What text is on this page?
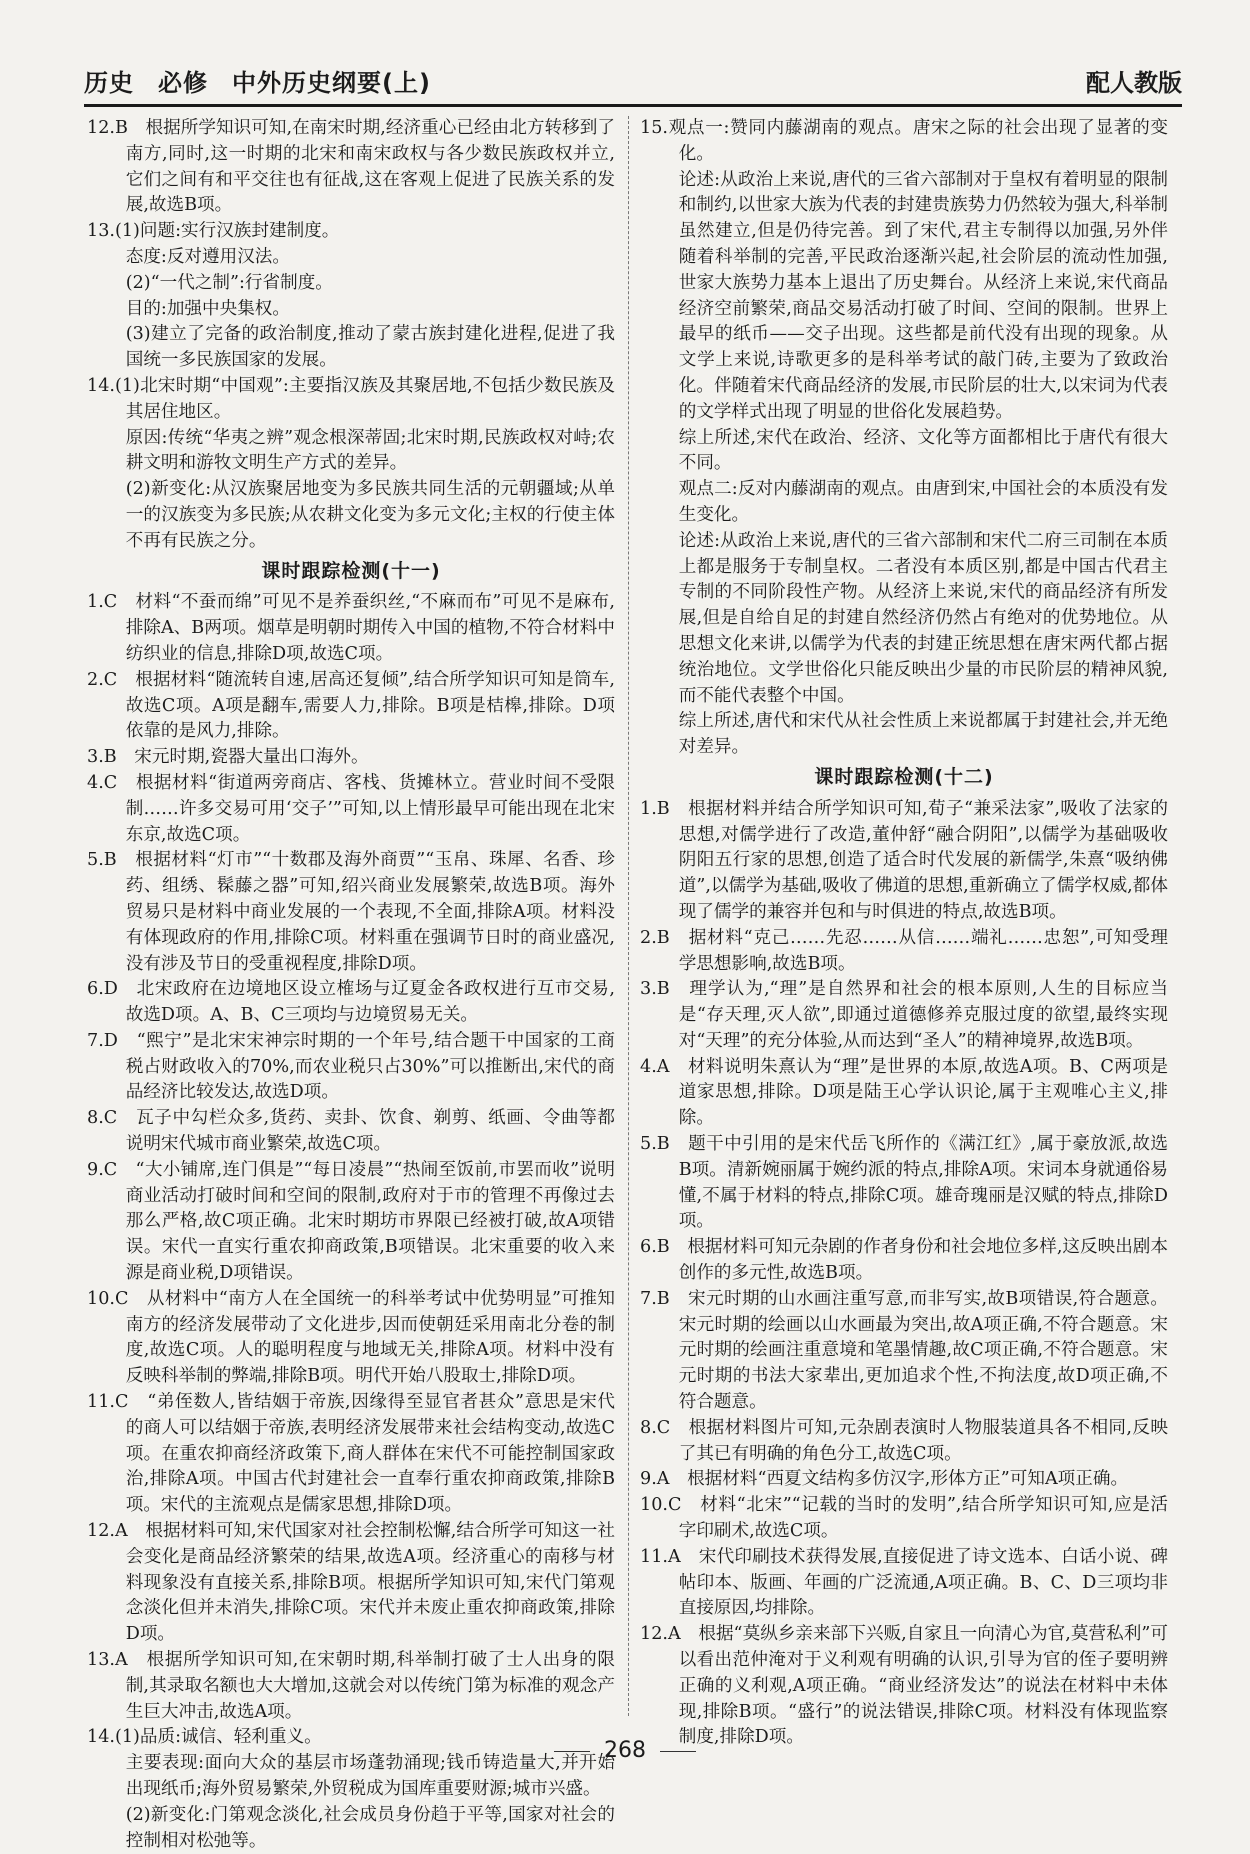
历史 必修 中外历史纲要(上)	配人教版

12.B　根据所学知识可知,在南宋时期,经济重心已经由北方转移到了南方,同时,这一时期的北宋和南宋政权与各少数民族政权并立,它们之间有和平交往也有征战,这在客观上促进了民族关系的发展,故选B项。

13.(1)问题:实行汉族封建制度。

态度:反对遵用汉法。

(2)“一代之制”:行省制度。

目的:加强中央集权。

(3)建立了完备的政治制度,推动了蒙古族封建化进程,促进了我国统一多民族国家的发展。

14.(1)北宋时期“中国观”:主要指汉族及其聚居地,不包括少数民族及其居住地区。

原因:传统“华夷之辨”观念根深蒂固;北宋时期,民族政权对峙;农耕文明和游牧文明生产方式的差异。

(2)新变化:从汉族聚居地变为多民族共同生活的元朝疆域;从单一的汉族变为多民族;从农耕文化变为多元文化;主权的行使主体不再有民族之分。

课时跟踪检测(十一)

1.C　材料“不蚕而绵”可见不是养蚕织丝,“不麻而布”可见不是麻布,排除A、B两项。烟草是明朝时期传入中国的植物,不符合材料中纺织业的信息,排除D项,故选C项。

2.C　根据材料“随流转自速,居高还复倾”,结合所学知识可知是筒车,故选C项。A项是翻车,需要人力,排除。B项是桔槔,排除。D项依靠的是风力,排除。

3.B　宋元时期,瓷器大量出口海外。

4.C　根据材料“街道两旁商店、客栈、货摊林立。营业时间不受限制……许多交易可用‘交子’”可知,以上情形最早可能出现在北宋东京,故选C项。

5.B　根据材料“灯市”“十数郡及海外商贾”“玉帛、珠犀、名香、珍药、组绣、髹藤之器”可知,绍兴商业发展繁荣,故选B项。海外贸易只是材料中商业发展的一个表现,不全面,排除A项。材料没有体现政府的作用,排除C项。材料重在强调节日时的商业盛况,没有涉及节日的受重视程度,排除D项。

6.D　北宋政府在边境地区设立榷场与辽夏金各政权进行互市交易,故选D项。A、B、C三项均与边境贸易无关。

7.D　“熙宁”是北宋宋神宗时期的一个年号,结合题干中国家的工商税占财政收入的70%,而农业税只占30%”可以推断出,宋代的商品经济比较发达,故选D项。

8.C　瓦子中勾栏众多,货药、卖卦、饮食、剃剪、纸画、令曲等都说明宋代城市商业繁荣,故选C项。

9.C　“大小铺席,连门俱是”“每日凌晨”“热闹至饭前,市罢而收”说明商业活动打破时间和空间的限制,政府对于市的管理不再像过去那么严格,故C项正确。北宋时期坊市界限已经被打破,故A项错误。宋代一直实行重农抑商政策,B项错误。北宋重要的收入来源是商业税,D项错误。

10.C　从材料中“南方人在全国统一的科举考试中优势明显”可推知南方的经济发展带动了文化进步,因而使朝廷采用南北分卷的制度,故选C项。人的聪明程度与地域无关,排除A项。材料中没有反映科举制的弊端,排除B项。明代开始八股取士,排除D项。

11.C　“弟侄数人,皆结姻于帝族,因缘得至显官者甚众”意思是宋代的商人可以结姻于帝族,表明经济发展带来社会结构变动,故选C项。在重农抑商经济政策下,商人群体在宋代不可能控制国家政治,排除A项。中国古代封建社会一直奉行重农抑商政策,排除B项。宋代的主流观点是儒家思想,排除D项。

12.A　根据材料可知,宋代国家对社会控制松懈,结合所学可知这一社会变化是商品经济繁荣的结果,故选A项。经济重心的南移与材料现象没有直接关系,排除B项。根据所学知识可知,宋代门第观念淡化但并未消失,排除C项。宋代并未废止重农抑商政策,排除D项。

13.A　根据所学知识可知,在宋朝时期,科举制打破了士人出身的限制,其录取名额也大大增加,这就会对以传统门第为标准的观念产生巨大冲击,故选A项。

14.(1)品质:诚信、轻利重义。

主要表现:面向大众的基层市场蓬勃涌现;钱币铸造量大,并开始出现纸币;海外贸易繁荣,外贸税成为国库重要财源;城市兴盛。

(2)新变化:门第观念淡化,社会成员身份趋于平等,国家对社会的控制相对松弛等。

15.观点一:赞同内藤湖南的观点。唐宋之际的社会出现了显著的变化。

论述:从政治上来说,唐代的三省六部制对于皇权有着明显的限制和制约,以世家大族为代表的封建贵族势力仍然较为强大,科举制虽然建立,但是仍待完善。到了宋代,君主专制得以加强,另外伴随着科举制的完善,平民政治逐渐兴起,社会阶层的流动性加强,世家大族势力基本上退出了历史舞台。从经济上来说,宋代商品经济空前繁荣,商品交易活动打破了时间、空间的限制。世界上最早的纸币——交子出现。这些都是前代没有出现的现象。从文学上来说,诗歌更多的是科举考试的敲门砖,主要为了致政治化。伴随着宋代商品经济的发展,市民阶层的壮大,以宋词为代表的文学样式出现了明显的世俗化发展趋势。

综上所述,宋代在政治、经济、文化等方面都相比于唐代有很大不同。

观点二:反对内藤湖南的观点。由唐到宋,中国社会的本质没有发生变化。

论述:从政治上来说,唐代的三省六部制和宋代二府三司制在本质上都是服务于专制皇权。二者没有本质区别,都是中国古代君主专制的不同阶段性产物。从经济上来说,宋代的商品经济有所发展,但是自给自足的封建自然经济仍然占有绝对的优势地位。从思想文化来讲,以儒学为代表的封建正统思想在唐宋两代都占据统治地位。文学世俗化只能反映出少量的市民阶层的精神风貌,而不能代表整个中国。

综上所述,唐代和宋代从社会性质上来说都属于封建社会,并无绝对差异。

课时跟踪检测(十二)

1.B　根据材料并结合所学知识可知,荀子“兼采法家”,吸收了法家的思想,对儒学进行了改造,董仲舒“融合阴阳”,以儒学为基础吸收阴阳五行家的思想,创造了适合时代发展的新儒学,朱熹“吸纳佛道”,以儒学为基础,吸收了佛道的思想,重新确立了儒学权威,都体现了儒学的兼容并包和与时俱进的特点,故选B项。

2.B　据材料“克己……先忍……从信……端礼……忠恕”,可知受理学思想影响,故选B项。

3.B　理学认为,“理”是自然界和社会的根本原则,人生的目标应当是“存天理,灭人欲”,即通过道德修养克服过度的欲望,最终实现对“天理”的充分体验,从而达到“圣人”的精神境界,故选B项。

4.A　材料说明朱熹认为“理”是世界的本原,故选A项。B、C两项是道家思想,排除。D项是陆王心学认识论,属于主观唯心主义,排除。

5.B　题干中引用的是宋代岳飞所作的《满江红》,属于豪放派,故选B项。清新婉丽属于婉约派的特点,排除A项。宋词本身就通俗易懂,不属于材料的特点,排除C项。雄奇瑰丽是汉赋的特点,排除D项。

6.B　根据材料可知元杂剧的作者身份和社会地位多样,这反映出剧本创作的多元性,故选B项。

7.B　宋元时期的山水画注重写意,而非写实,故B项错误,符合题意。宋元时期的绘画以山水画最为突出,故A项正确,不符合题意。宋元时期的绘画注重意境和笔墨情趣,故C项正确,不符合题意。宋元时期的书法大家辈出,更加追求个性,不拘法度,故D项正确,不符合题意。

8.C　根据材料图片可知,元杂剧表演时人物服装道具各不相同,反映了其已有明确的角色分工,故选C项。

9.A　根据材料“西夏文结构多仿汉字,形体方正”可知A项正确。

10.C　材料“北宋”“记载的当时的发明”,结合所学知识可知,应是活字印刷术,故选C项。

11.A　宋代印刷技术获得发展,直接促进了诗文选本、白话小说、碑帖印本、版画、年画的广泛流通,A项正确。B、C、D三项均非直接原因,均排除。

12.A　根据“莫纵乡亲来部下兴贩,自家且一向清心为官,莫营私利”可以看出范仲淹对于义利观有明确的认识,引导为官的侄子要明辨正确的义利观,A项正确。“商业经济发达”的说法在材料中未体现,排除B项。“盛行”的说法错误,排除C项。材料没有体现监察制度,排除D项。

268
